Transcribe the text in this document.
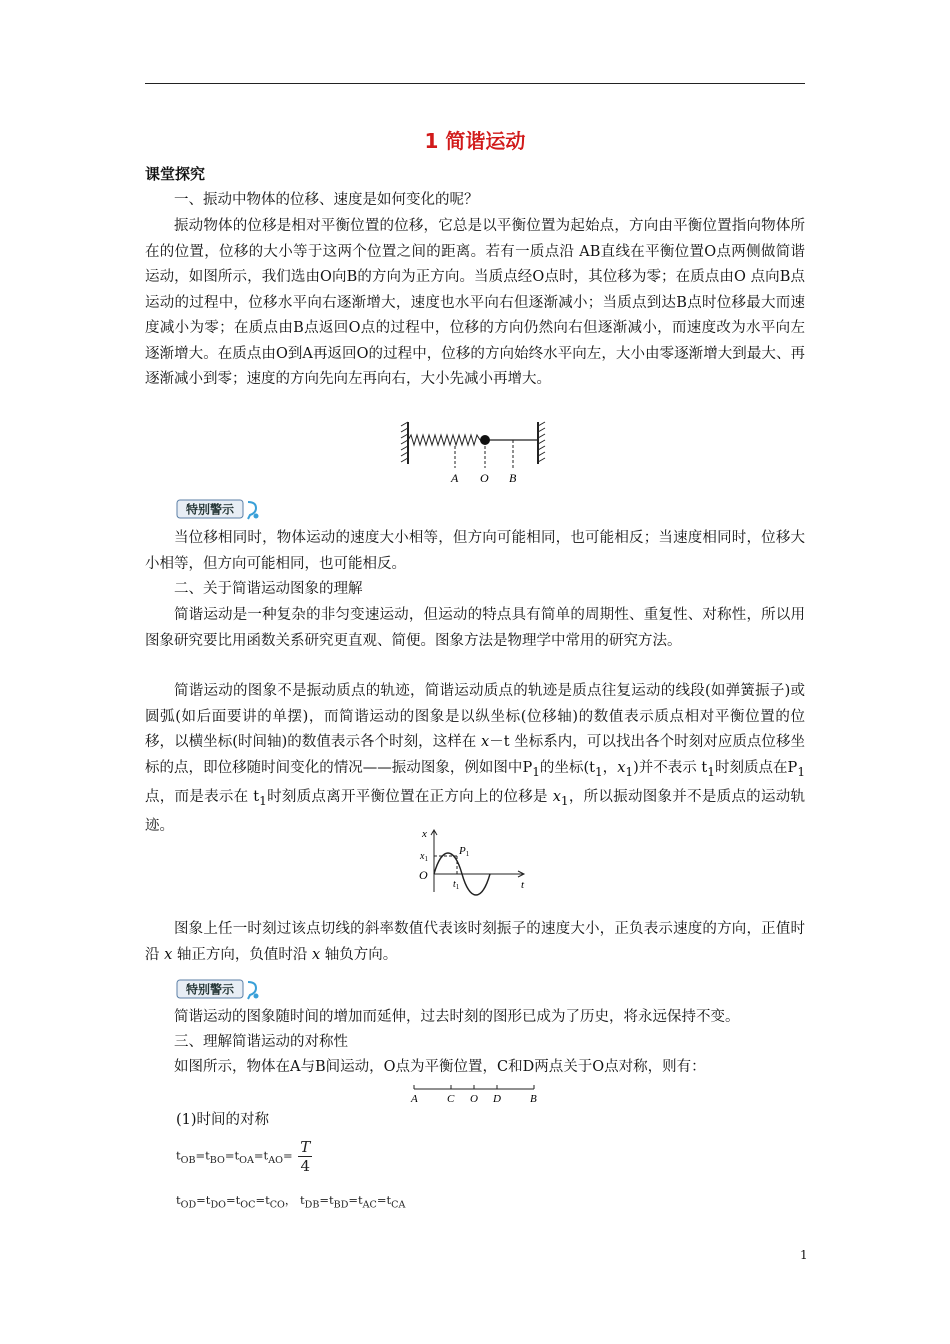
1 简谐运动
课堂探究
一、振动中物体的位移、速度是如何变化的呢？
振动物体的位移是相对平衡位置的位移，它总是以平衡位置为起始点，方向由平衡位置指向物体所在的位置，位移的大小等于这两个位置之间的距离。若有一质点沿 AB直线在平衡位置O点两侧做简谐运动，如图所示，我们选由O向B的方向为正方向。当质点经O点时，其位移为零；在质点由O 点向B点运动的过程中，位移水平向右逐渐增大，速度也水平向右但逐渐减小；当质点到达B点时位移最大而速度减小为零；在质点由B点返回O点的过程中，位移的方向仍然向右但逐渐减小，而速度改为水平向左逐渐增大。在质点由O到A再返回O的过程中，位移的方向始终水平向左，大小由零逐渐增大到最大、再逐渐减小到零；速度的方向先向左再向右，大小先减小再增大。
A O B
特别警示
当位移相同时，物体运动的速度大小相等，但方向可能相同，也可能相反；当速度相同时，位移大小相等，但方向可能相同，也可能相反。
二、关于简谐运动图象的理解
简谐运动是一种复杂的非匀变速运动，但运动的特点具有简单的周期性、重复性、对称性，所以用图象研究要比用函数关系研究更直观、简便。图象方法是物理学中常用的研究方法。
简谐运动的图象不是振动质点的轨迹，简谐运动质点的轨迹是质点往复运动的线段(如弹簧振子)或圆弧(如后面要讲的单摆)，而简谐运动的图象是以纵坐标(位移轴)的数值表示质点相对平衡位置的位移，以横坐标(时间轴)的数值表示各个时刻，这样在 x－t 坐标系内，可以找出各个时刻对应质点位移坐标的点，即位移随时间变化的情况——振动图象，例如图中$P_1$的坐标($t_1$，$x_1$)并不表示 $t_1$时刻质点在$P_1$点，而是表示在 $t_1$时刻质点离开平衡位置在正方向上的位移是 $x_1$，所以振动图象并不是质点的运动轨迹。	x
$x_1$
P1
O
$t_1$	t
图象上任一时刻过该点切线的斜率数值代表该时刻振子的速度大小，正负表示速度的方向，正值时沿 x 轴正方向，负值时沿 x 轴负方向。
特别警示
简谐运动的图象随时间的增加而延伸，过去时刻的图形已成为了历史，将永远保持不变。
三、理解简谐运动的对称性
如图所示，物体在A与B间运动，O点为平衡位置，C和D两点关于O点对称，则有：
A	C O D	B
(1)时间的对称
$t_{OB}=t_{BO}=t_{OA}=t_{AO}= \frac{T}{4}$
$t_{OD}=t_{DO}=t_{OC}=t_{CO}$， $t_{DB}=t_{BD}=t_{AC}=t_{CA}$
1
